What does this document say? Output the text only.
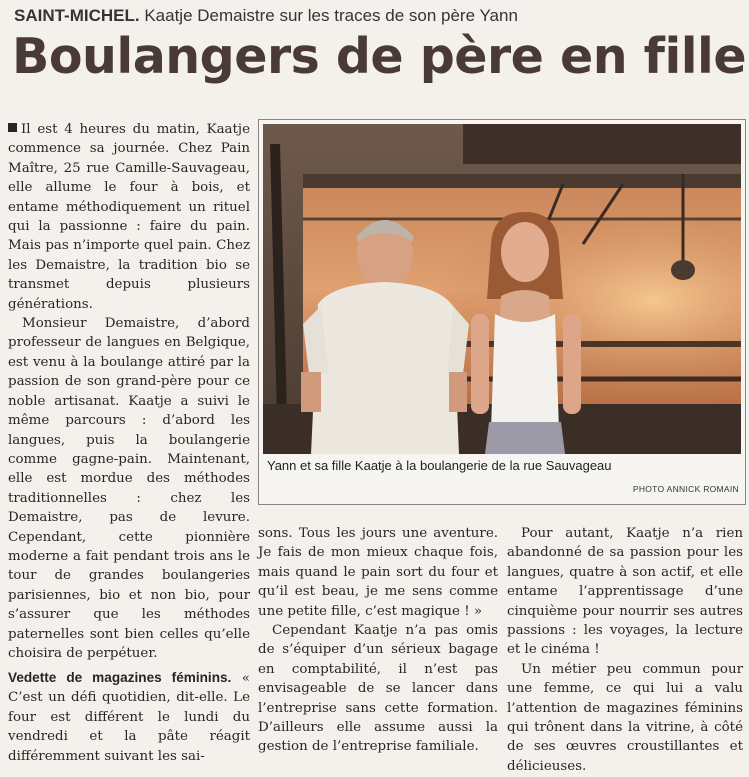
SAINT-MICHEL. Kaatje Demaistre sur les traces de son père Yann
Boulangers de père en fille

Il est 4 heures du matin, Kaatje commence sa journée. Chez Pain Maître, 25 rue Camille-Sauvageau, elle allume le four à bois, et entame méthodiquement un rituel qui la passionne : faire du pain. Mais pas n’importe quel pain. Chez les Demaistre, la tradition bio se transmet depuis plusieurs générations.

Monsieur Demaistre, d’abord professeur de langues en Belgique, est venu à la boulange attiré par la passion de son grand-père pour ce noble artisanat. Kaatje a suivi le même parcours : d’abord les langues, puis la boulangerie comme gagne-pain. Maintenant, elle est mordue des méthodes traditionnelles : chez les Demaistre, pas de levure. Cependant, cette pionnière moderne a fait pendant trois ans le tour de grandes boulangeries parisiennes, bio et non bio, pour s’assurer que les méthodes paternelles sont bien celles qu’elle choisira de perpétuer.

Vedette de magazines féminins. « C’est un défi quotidien, dit-elle. Le four est différent le lundi du vendredi et la pâte réagit différemment suivant les sai-

Yann et sa fille Kaatje à la boulangerie de la rue Sauvageau
PHOTO ANNICK ROMAIN

sons. Tous les jours une aventure. Je fais de mon mieux chaque fois, mais quand le pain sort du four et qu’il est beau, je me sens comme une petite fille, c’est magique ! »

Cependant Kaatje n’a pas omis de s’équiper d’un sérieux bagage en comptabilité, il n’est pas envisageable de se lancer dans l’entreprise sans cette formation. D’ailleurs elle assume aussi la gestion de l’entreprise familiale.

Pour autant, Kaatje n’a rien abandonné de sa passion pour les langues, quatre à son actif, et elle entame l’apprentissage d’une cinquième pour nourrir ses autres passions : les voyages, la lecture et le cinéma !

Un métier peu commun pour une femme, ce qui lui a valu l’attention de magazines féminins qui trônent dans la vitrine, à côté de ses œuvres croustillantes et délicieuses.
